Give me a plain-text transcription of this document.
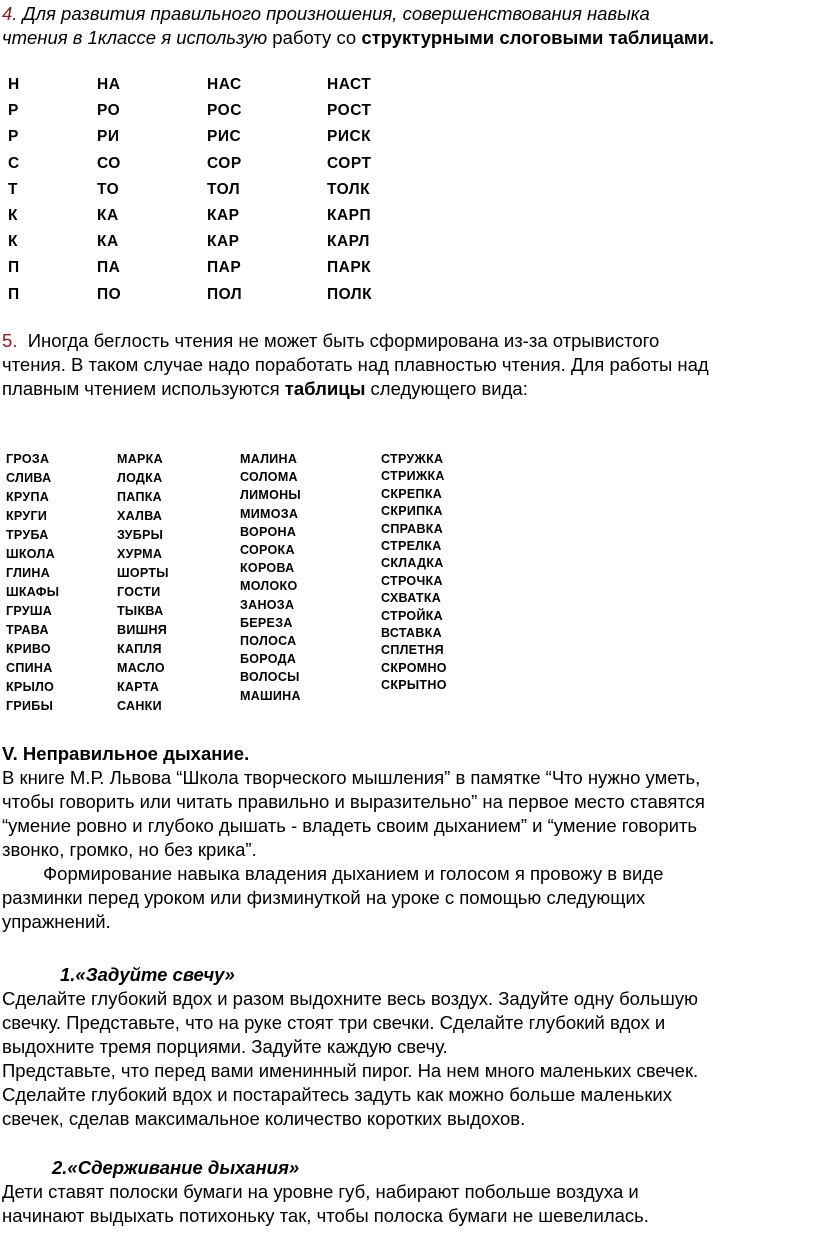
4. Для развития правильного произношения, совершенствования навыка
чтения в 1классе я использую работу со структурными слоговыми таблицами.
Н
Р
Р
С
Т
К
К
П
П
НА
РО
РИ
СО
ТО
КА
КА
ПА
ПО
НАС
РОС
РИС
СОР
ТОЛ
КАР
КАР
ПАР
ПОЛ
НАСТ
РОСТ
РИСК
СОРТ
ТОЛК
КАРП
КАРЛ
ПАРК
ПОЛК
5.  Иногда беглость чтения не может быть сформирована из-за отрывистого
чтения. В таком случае надо поработать над плавностью чтения. Для работы над
плавным чтением используются таблицы следующего вида:
ГРОЗА
СЛИВА
КРУПА
КРУГИ
ТРУБА
ШКОЛА
ГЛИНА
ШКАФЫ
ГРУША
ТРАВА
КРИВО
СПИНА
КРЫЛО
ГРИБЫ
МАРКА
ЛОДКА
ПАПКА
ХАЛВА
ЗУБРЫ
ХУРМА
ШОРТЫ
ГОСТИ
ТЫКВА
ВИШНЯ
КАПЛЯ
МАСЛО
КАРТА
САНКИ
МАЛИНА
СОЛОМА
ЛИМОНЫ
МИМОЗА
ВОРОНА
СОРОКА
КОРОВА
МОЛОКО
ЗАНОЗА
БЕРЕЗА
ПОЛОСА
БОРОДА
ВОЛОСЫ
МАШИНА
СТРУЖКА
СТРИЖКА
СКРЕПКА
СКРИПКА
СПРАВКА
СТРЕЛКА
СКЛАДКА
СТРОЧКА
СХВАТКА
СТРОЙКА
ВСТАВКА
СПЛЕТНЯ
СКРОМНО
СКРЫТНО
V. Неправильное дыхание.
В книге М.Р. Львова “Школа творческого мышления” в памятке “Что нужно уметь,
чтобы говорить или читать правильно и выразительно” на первое место ставятся
“умение ровно и глубоко дышать - владеть своим дыханием” и “умение говорить
звонко, громко, но без крика”.
Формирование навыка владения дыханием и голосом я провожу в виде
разминки перед уроком или физминуткой на уроке с помощью следующих
упражнений.
1.«Задуйте свечу»
Сделайте глубокий вдох и разом выдохните весь воздух. Задуйте одну большую
свечку. Представьте, что на руке стоят три свечки. Сделайте глубокий вдох и
выдохните тремя порциями. Задуйте каждую свечу.
Представьте, что перед вами именинный пирог. На нем много маленьких свечек.
Сделайте глубокий вдох и постарайтесь задуть как можно больше маленьких
свечек, сделав максимальное количество коротких выдохов.
2.«Сдерживание дыхания»
Дети ставят полоски бумаги на уровне губ, набирают побольше воздуха и
начинают выдыхать потихоньку так, чтобы полоска бумаги не шевелилась.
